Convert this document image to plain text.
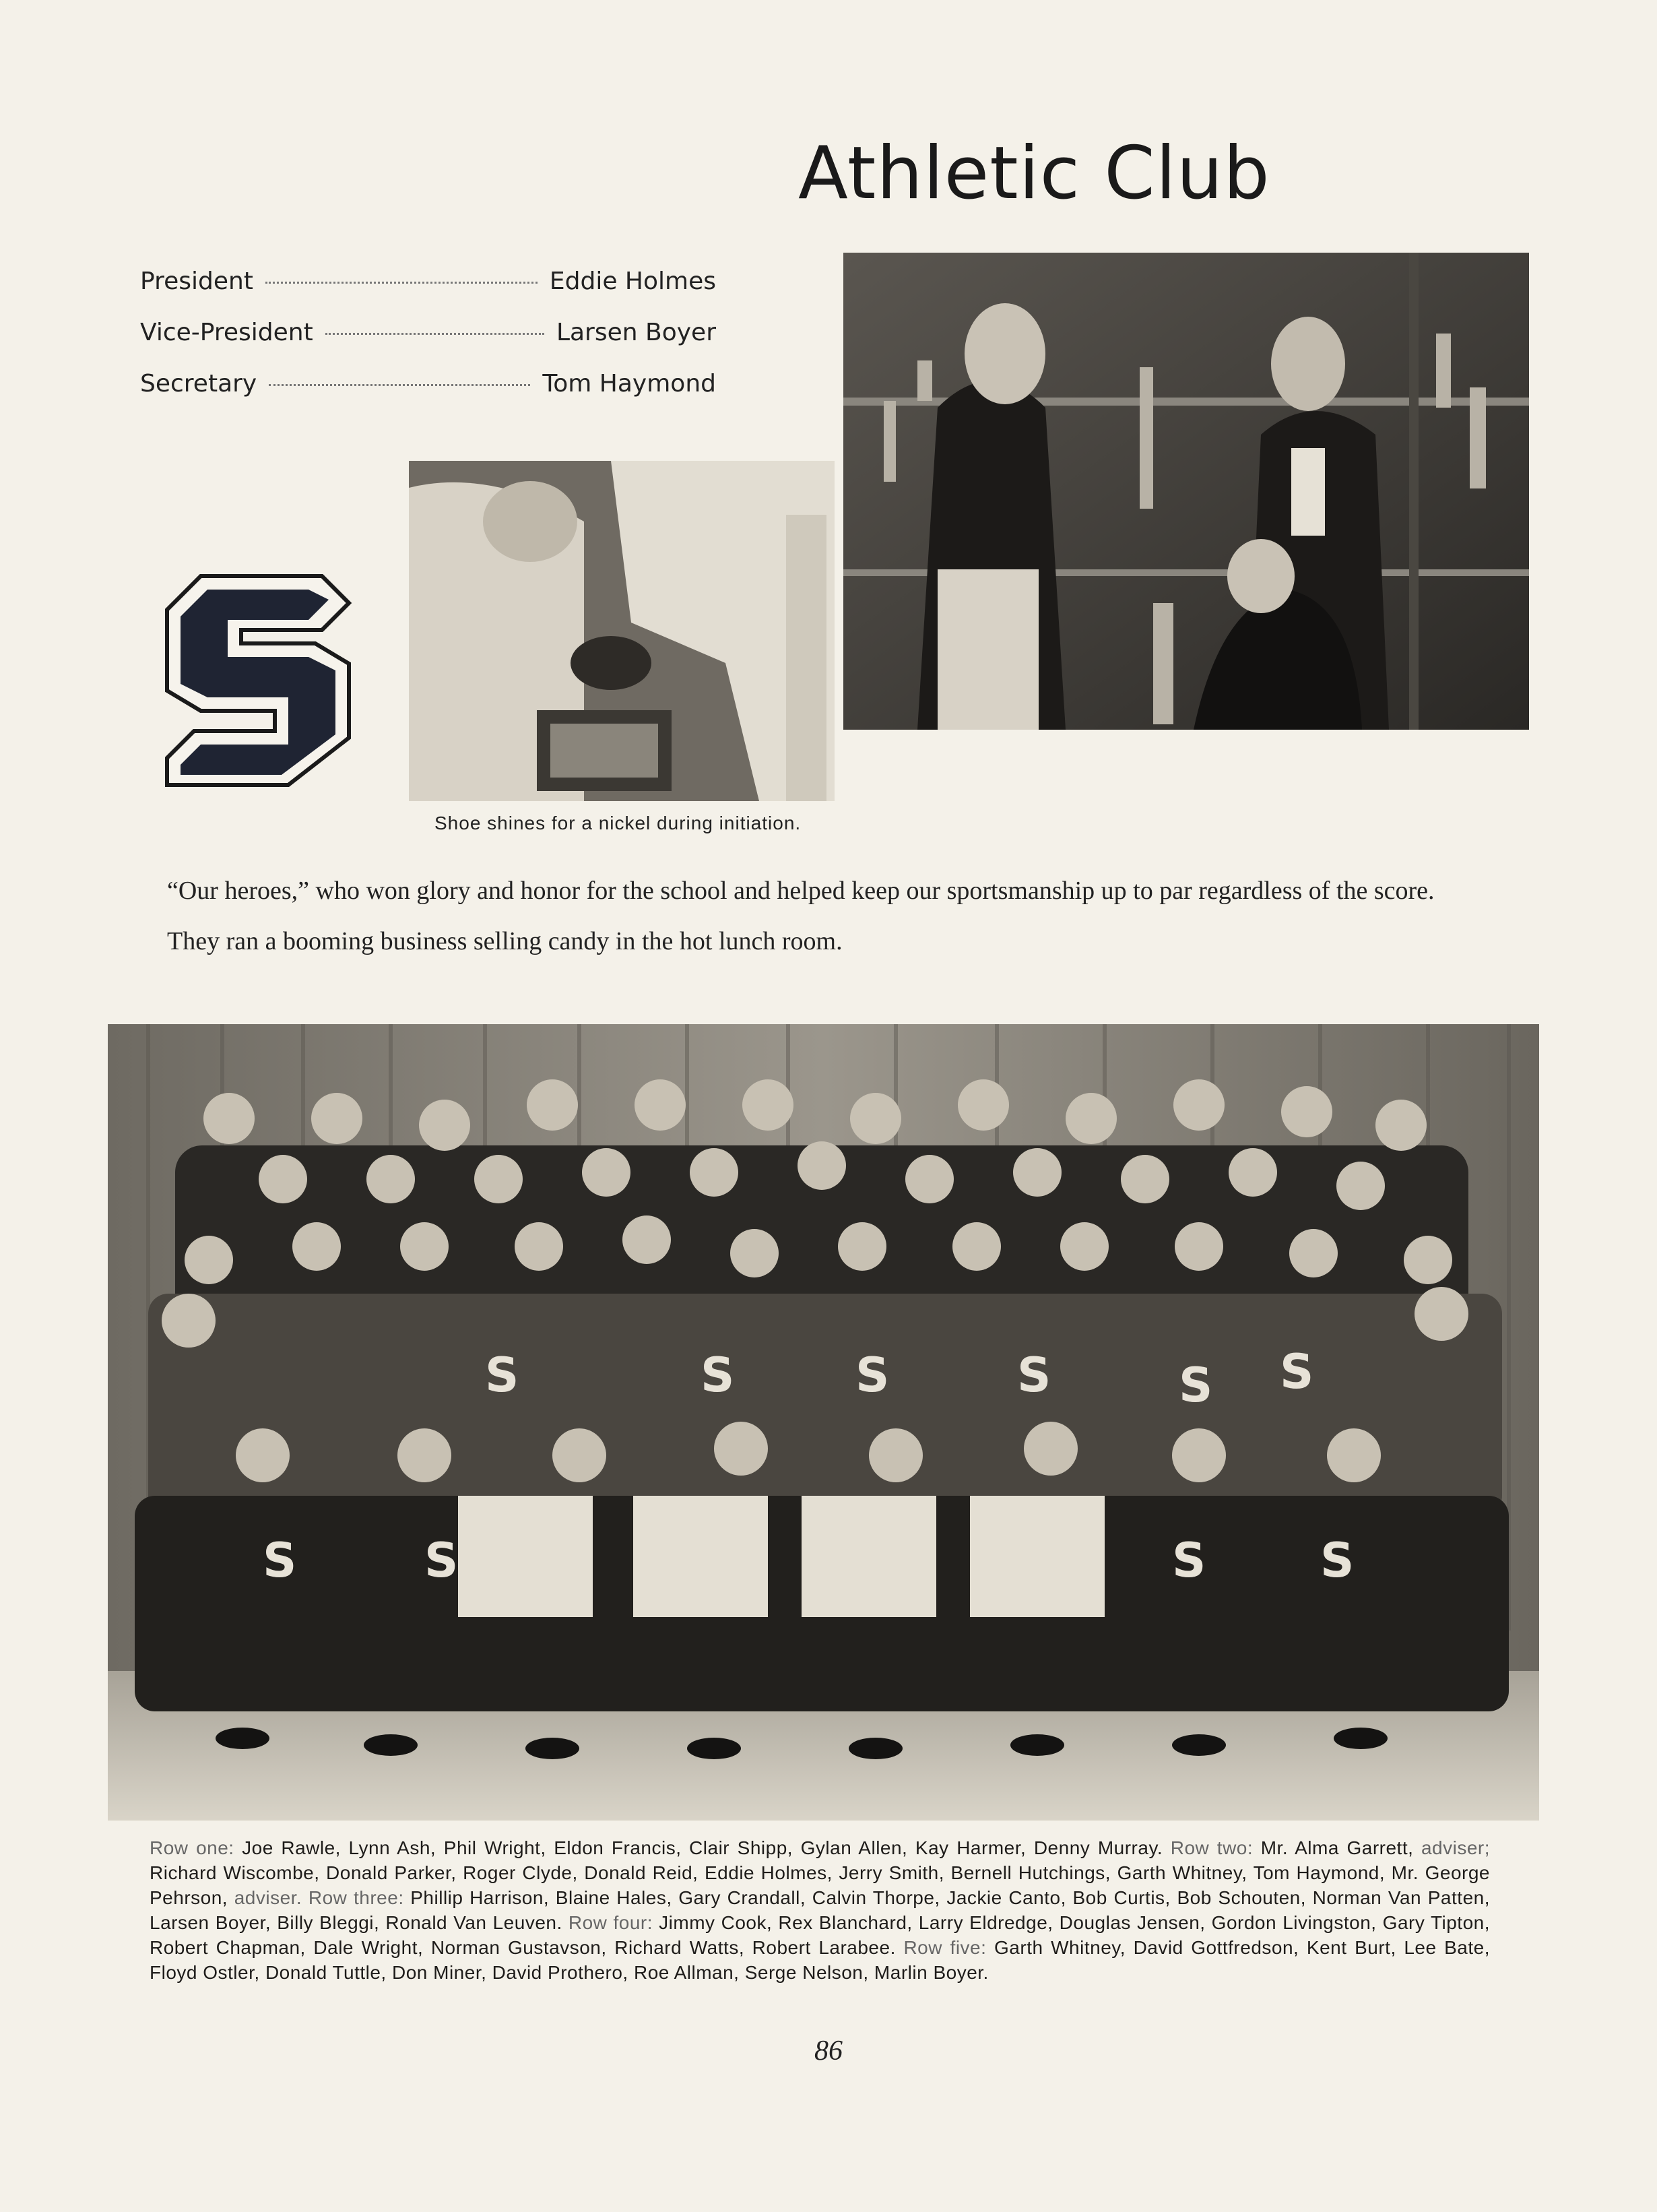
Athletic Club
President	Eddie Holmes
Vice-President	Larsen Boyer
Secretary	Tom Haymond
Shoe shines for a nickel during initiation.

“Our heroes,” who won glory and honor for the school and helped keep our sportsmanship up to par regardless of the score.

They ran a booming business selling candy in the hot lunch room.

S	S	S	S	S S
S	S	S S
Row one: Joe Rawle, Lynn Ash, Phil Wright, Eldon Francis, Clair Shipp, Gylan Allen, Kay Harmer, Denny Murray. Row two: Mr. Alma Garrett, adviser; Richard Wiscombe, Donald Parker, Roger Clyde, Donald Reid, Eddie Holmes, Jerry Smith, Bernell Hutchings, Garth Whitney, Tom Haymond, Mr. George Pehrson, adviser. Row three: Phillip Harrison, Blaine Hales, Gary Crandall, Calvin Thorpe, Jackie Canto, Bob Curtis, Bob Schouten, Norman Van Patten, Larsen Boyer, Billy Bleggi, Ronald Van Leuven. Row four: Jimmy Cook, Rex Blanchard, Larry Eldredge, Douglas Jensen, Gordon Livingston, Gary Tipton, Robert Chapman, Dale Wright, Norman Gustavson, Richard Watts, Robert Larabee. Row five: Garth Whitney, David Gottfredson, Kent Burt, Lee Bate, Floyd Ostler, Donald Tuttle, Don Miner, David Prothero, Roe Allman, Serge Nelson, Marlin Boyer.
86
